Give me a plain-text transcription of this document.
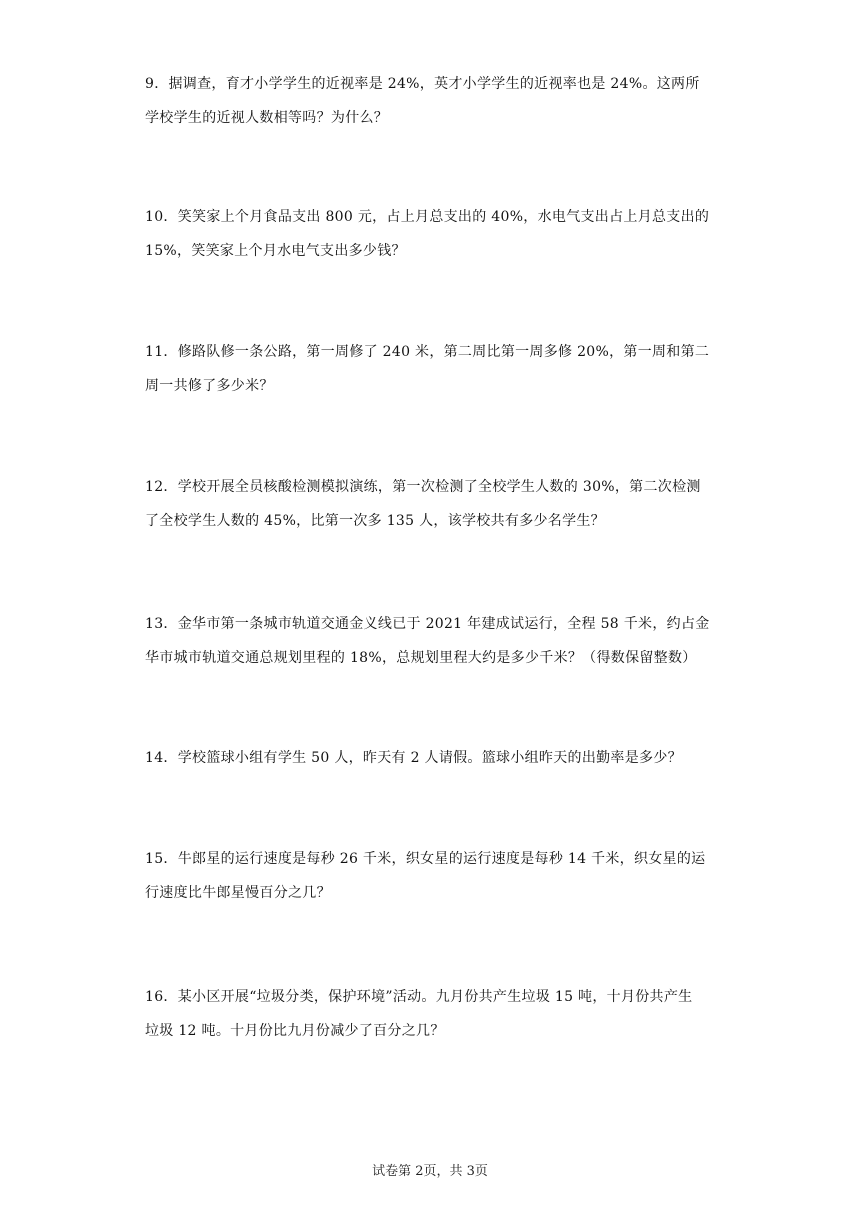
9．据调查，育才小学学生的近视率是 24%，英才小学学生的近视率也是 24%。这两所
学校学生的近视人数相等吗？为什么？
10．笑笑家上个月食品支出 800 元，占上月总支出的 40%，水电气支出占上月总支出的
15%，笑笑家上个月水电气支出多少钱？
11．修路队修一条公路，第一周修了 240 米，第二周比第一周多修 20%，第一周和第二
周一共修了多少米？
12．学校开展全员核酸检测模拟演练，第一次检测了全校学生人数的 30%，第二次检测
了全校学生人数的 45%，比第一次多 135 人，该学校共有多少名学生？
13．金华市第一条城市轨道交通金义线已于 2021 年建成试运行，全程 58 千米，约占金
华市城市轨道交通总规划里程的 18%，总规划里程大约是多少千米？（得数保留整数）
14．学校篮球小组有学生 50 人，昨天有 2 人请假。篮球小组昨天的出勤率是多少？
15．牛郎星的运行速度是每秒 26 千米，织女星的运行速度是每秒 14 千米，织女星的运
行速度比牛郎星慢百分之几？
16．某小区开展“垃圾分类，保护环境”活动。九月份共产生垃圾 15 吨，十月份共产生
垃圾 12 吨。十月份比九月份减少了百分之几？
试卷第 2页，共 3页
